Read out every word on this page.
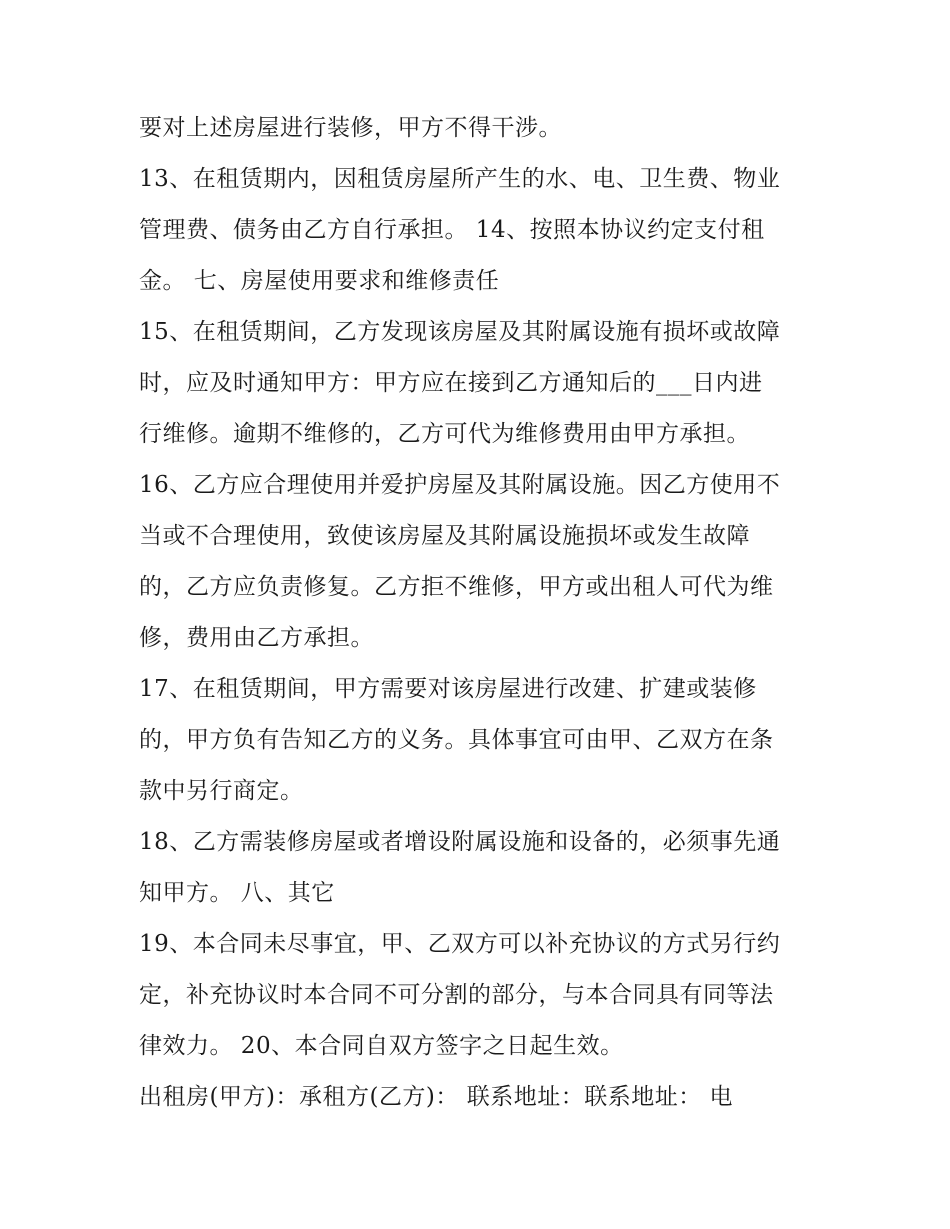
要对上述房屋进行装修，甲方不得干涉。
13、在租赁期内，因租赁房屋所产生的水、电、卫生费、物业
管理费、债务由乙方自行承担。 14、按照本协议约定支付租
金。 七、房屋使用要求和维修责任
15、在租赁期间，乙方发现该房屋及其附属设施有损坏或故障
时，应及时通知甲方：甲方应在接到乙方通知后的___日内进
行维修。逾期不维修的，乙方可代为维修费用由甲方承担。
16、乙方应合理使用并爱护房屋及其附属设施。因乙方使用不
当或不合理使用，致使该房屋及其附属设施损坏或发生故障
的，乙方应负责修复。乙方拒不维修，甲方或出租人可代为维
修，费用由乙方承担。
17、在租赁期间，甲方需要对该房屋进行改建、扩建或装修
的，甲方负有告知乙方的义务。具体事宜可由甲、乙双方在条
款中另行商定。
18、乙方需装修房屋或者增设附属设施和设备的，必须事先通
知甲方。 八、其它
19、本合同未尽事宜，甲、乙双方可以补充协议的方式另行约
定，补充协议时本合同不可分割的部分，与本合同具有同等法
律效力。 20、本合同自双方签字之日起生效。
出租房(甲方)：承租方(乙方)： 联系地址：联系地址： 电
